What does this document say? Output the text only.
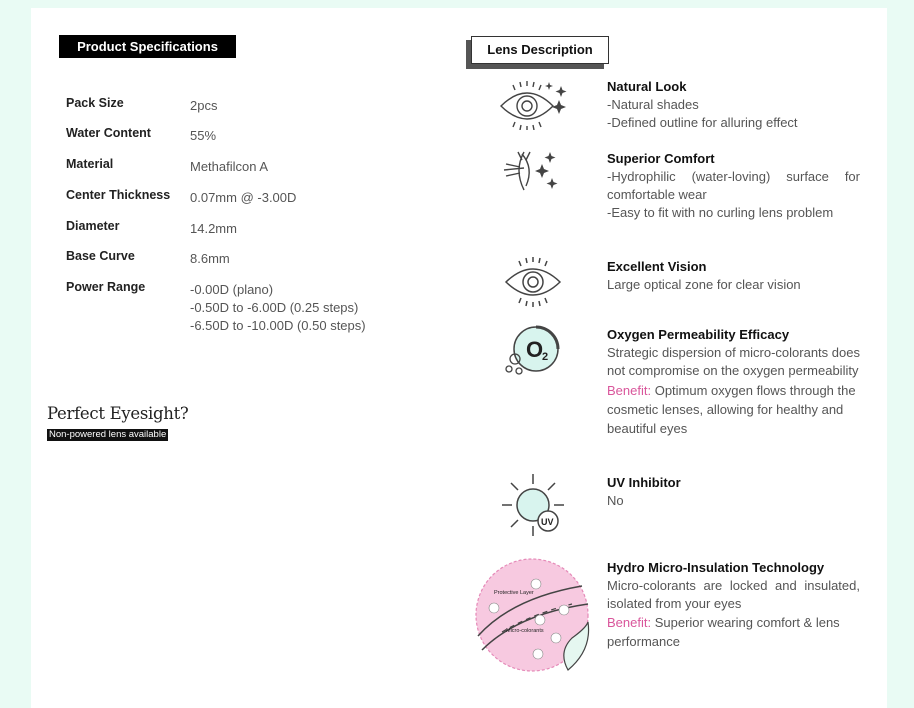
Product Specifications
Pack Size	2pcs
Water Content	55%
Material	Methafilcon A
Center Thickness 0.07mm @ -3.00D
Diameter	14.2mm
Base Curve	8.6mm
Power Range	-0.00D (plano)
-0.50D to -6.00D (0.25 steps)
-6.50D to -10.00D (0.50 steps)
Perfect Eyesight?
Non-powered lens available
Lens Description
O
2
UV
Protective Layer
Micro-colorants
Natural Look

-Natural shades

-Defined outline for alluring effect

Superior Comfort

-Hydrophilic (water-loving) surface for comfortable wear

-Easy to fit with no curling lens problem

Excellent Vision

Large optical zone for clear vision

Oxygen Permeability Efficacy

Strategic dispersion of micro-colorants does not compromise on the oxygen permeability

Benefit: Optimum oxygen flows through the cosmetic lenses, allowing for healthy and beautiful eyes

UV Inhibitor

No

Hydro Micro-Insulation Technology

Micro-colorants are locked and insulated, isolated from your eyes

Benefit: Superior wearing comfort & lens performance
